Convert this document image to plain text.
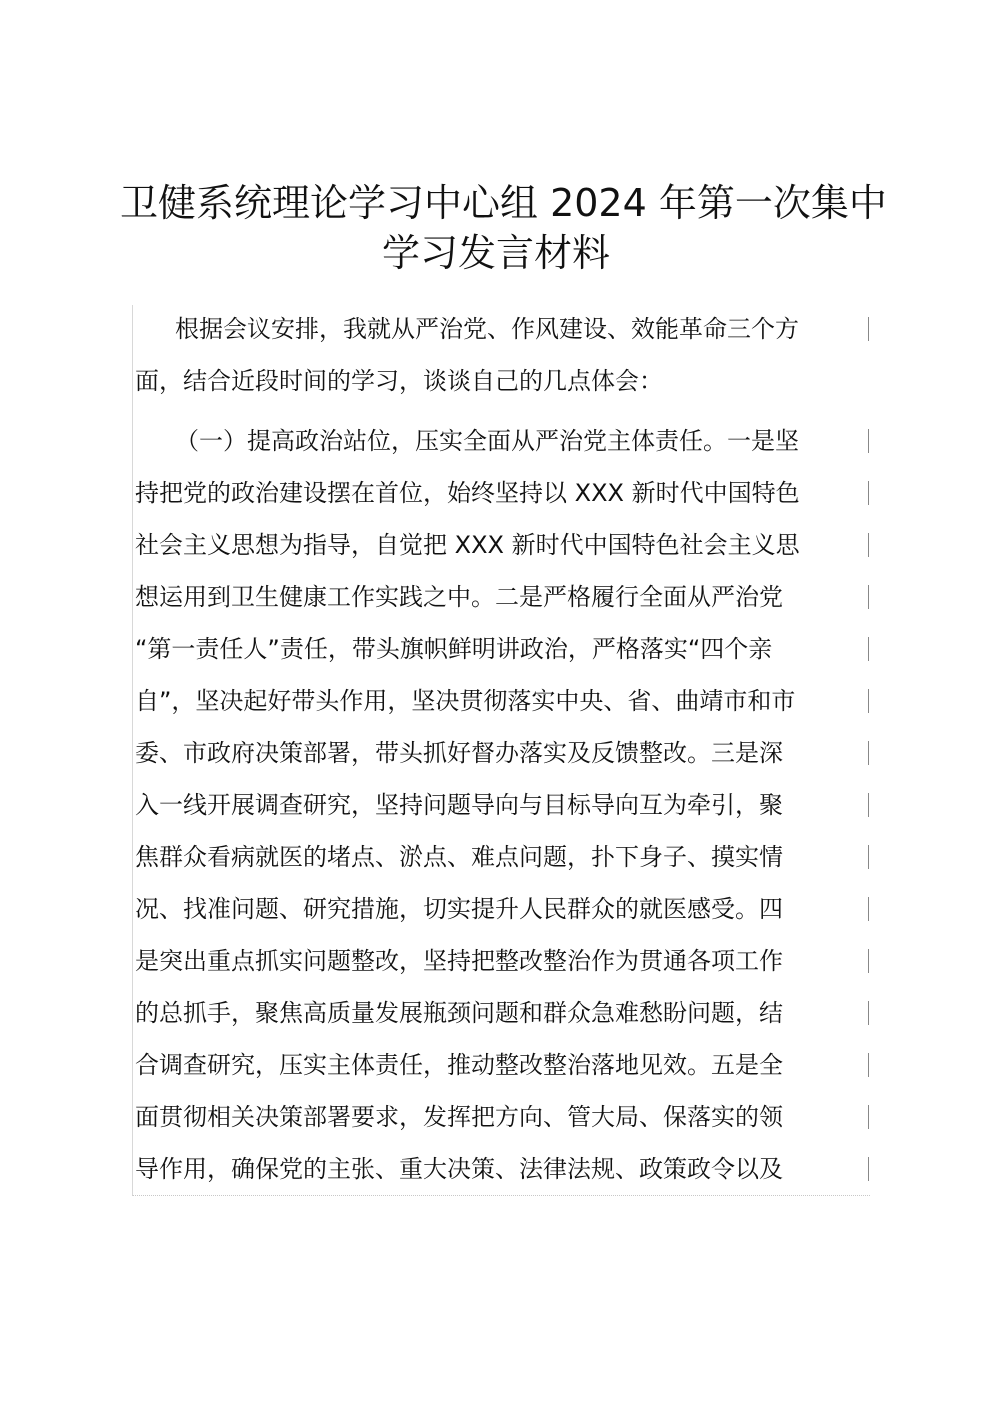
卫健系统理论学习中心组 2024 年第一次集中
学习发言材料
根据会议安排，我就从严治党、作风建设、效能革命三个方
面，结合近段时间的学习，谈谈自己的几点体会：
（一）提高政治站位，压实全面从严治党主体责任。一是坚
持把党的政治建设摆在首位，始终坚持以 XXX 新时代中国特色
社会主义思想为指导，自觉把 XXX 新时代中国特色社会主义思
想运用到卫生健康工作实践之中。二是严格履行全面从严治党
“第一责任人”责任，带头旗帜鲜明讲政治，严格落实“四个亲
自”，坚决起好带头作用，坚决贯彻落实中央、省、曲靖市和市
委、市政府决策部署，带头抓好督办落实及反馈整改。三是深
入一线开展调查研究，坚持问题导向与目标导向互为牵引，聚
焦群众看病就医的堵点、淤点、难点问题，扑下身子、摸实情
况、找准问题、研究措施，切实提升人民群众的就医感受。四
是突出重点抓实问题整改，坚持把整改整治作为贯通各项工作
的总抓手，聚焦高质量发展瓶颈问题和群众急难愁盼问题，结
合调查研究，压实主体责任，推动整改整治落地见效。五是全
面贯彻相关决策部署要求，发挥把方向、管大局、保落实的领
导作用，确保党的主张、重大决策、法律法规、政策政令以及
